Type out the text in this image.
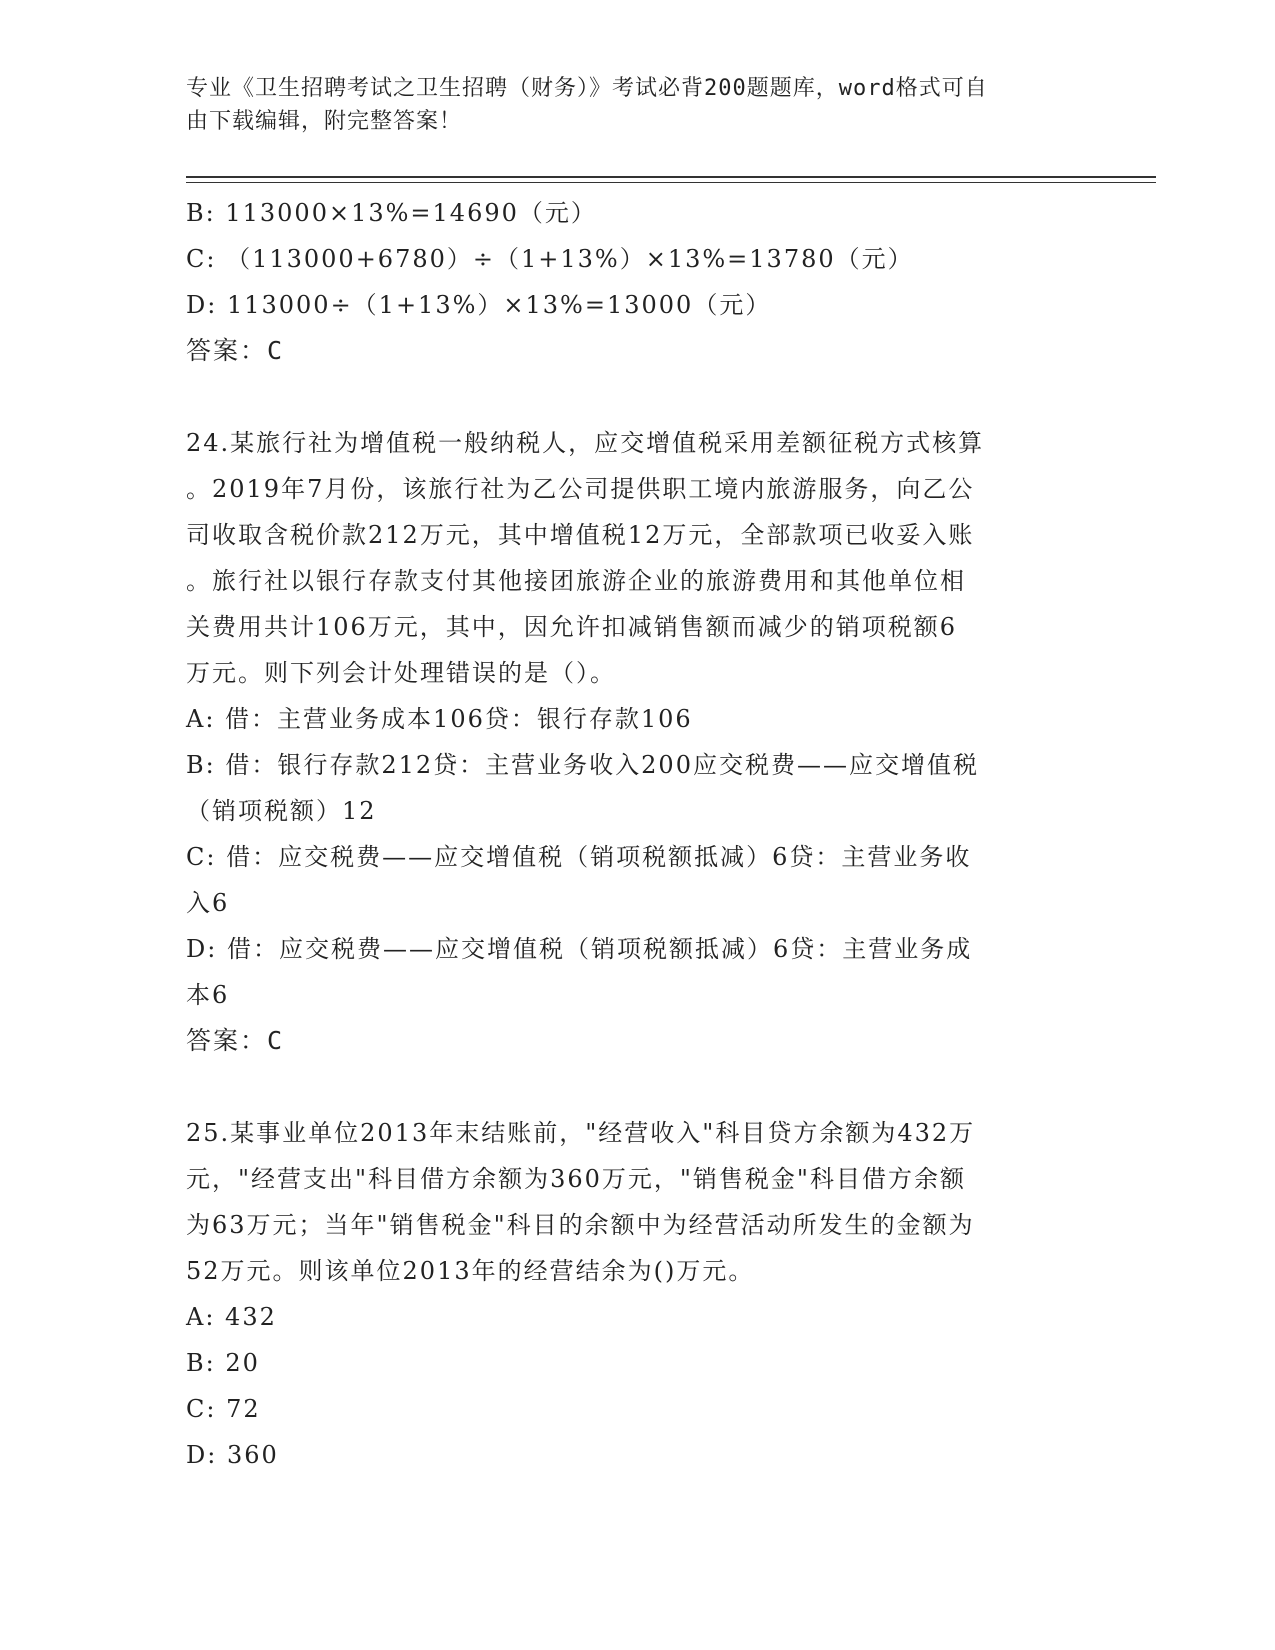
专业《卫生招聘考试之卫生招聘（财务）》考试必背200题题库，word格式可自
由下载编辑，附完整答案！
B: 113000×13%=14690（元）
C: （113000+6780）÷（1+13%）×13%=13780（元）
D: 113000÷（1+13%）×13%=13000（元）
答案：C
24.某旅行社为增值税一般纳税人，应交增值税采用差额征税方式核算
。2019年7月份，该旅行社为乙公司提供职工境内旅游服务，向乙公
司收取含税价款212万元，其中增值税12万元，全部款项已收妥入账
。旅行社以银行存款支付其他接团旅游企业的旅游费用和其他单位相
关费用共计106万元，其中，因允许扣减销售额而减少的销项税额6
万元。则下列会计处理错误的是（）。
A: 借：主营业务成本106贷：银行存款106
B: 借：银行存款212贷：主营业务收入200应交税费——应交增值税
（销项税额）12
C: 借：应交税费——应交增值税（销项税额抵减）6贷：主营业务收
入6
D: 借：应交税费——应交增值税（销项税额抵减）6贷：主营业务成
本6
答案：C
25.某事业单位2013年末结账前，"经营收入"科目贷方余额为432万
元，"经营支出"科目借方余额为360万元，"销售税金"科目借方余额
为63万元；当年"销售税金"科目的余额中为经营活动所发生的金额为
52万元。则该单位2013年的经营结余为()万元。
A: 432
B: 20
C: 72
D: 360
